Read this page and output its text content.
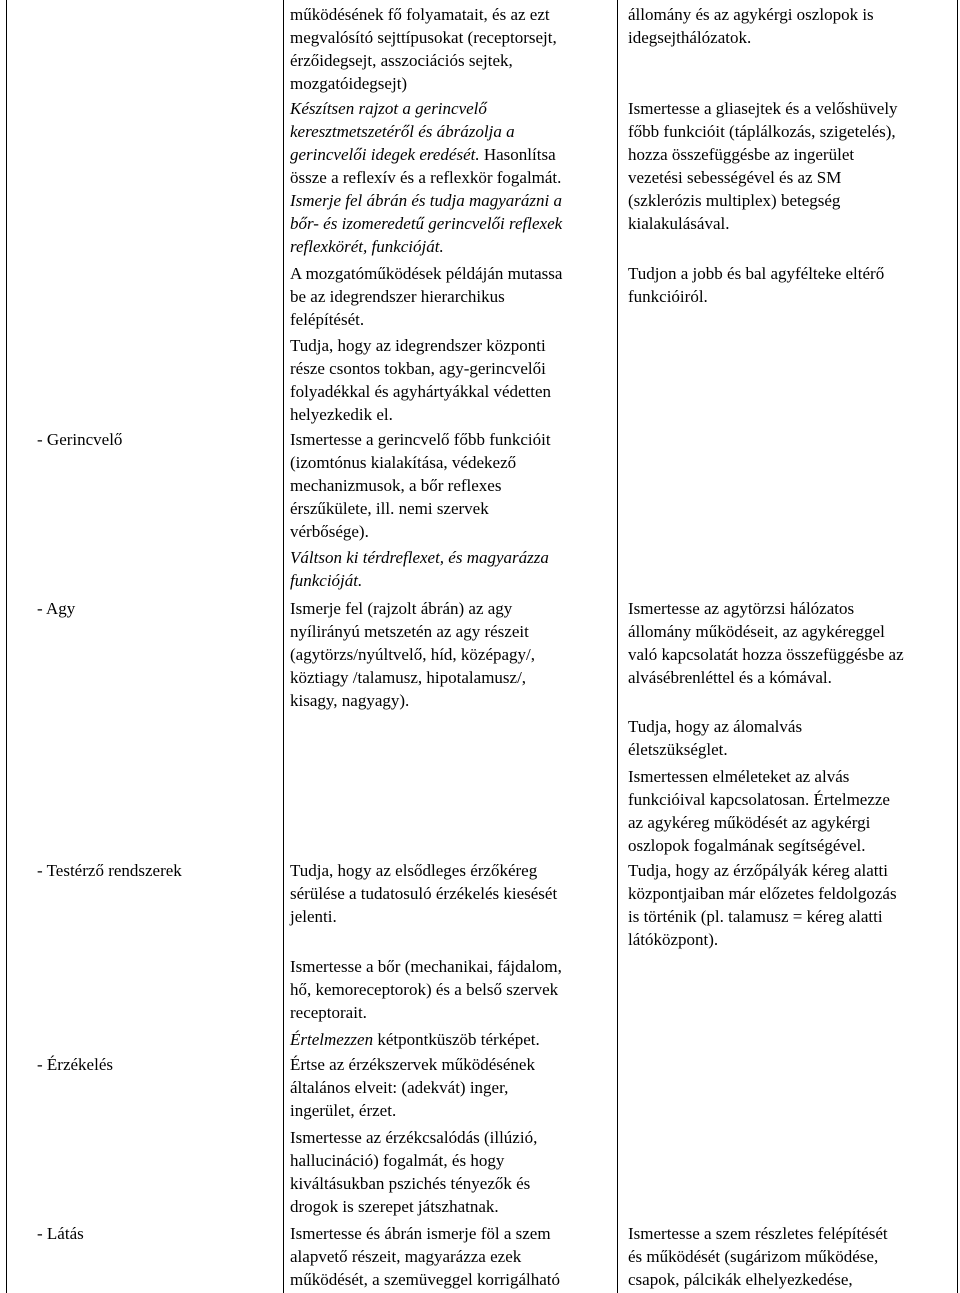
- Gerincvelő
- Agy
- Testérző rendszerek
- Érzékelés
- Látás
működésének fő folyamatait, és az ezt
megvalósító sejttípusokat (receptorsejt,
érzőidegsejt, asszociációs sejtek,
mozgatóidegsejt)
Készítsen rajzot a gerincvelő
keresztmetszetéről és ábrázolja a
gerincvelői idegek eredését. Hasonlítsa
össze a reflexív és a reflexkör fogalmát.
Ismerje fel ábrán és tudja magyarázni a
bőr- és izomeredetű gerincvelői reflexek
reflexkörét, funkcióját.
A mozgatóműködések példáján mutassa
be az idegrendszer hierarchikus
felépítését.
Tudja, hogy az idegrendszer központi
része csontos tokban, agy-gerincvelői
folyadékkal és agyhártyákkal védetten
helyezkedik el.
Ismertesse a gerincvelő főbb funkcióit
(izomtónus kialakítása, védekező
mechanizmusok, a bőr reflexes
érszűkülete, ill. nemi szervek
vérbősége).
Váltson ki térdreflexet, és magyarázza
funkcióját.
Ismerje fel (rajzolt ábrán) az agy
nyílirányú metszetén az agy részeit
(agytörzs/nyúltvelő, híd, középagy/,
köztiagy /talamusz, hipotalamusz/,
kisagy, nagyagy).
Tudja, hogy az elsődleges érzőkéreg
sérülése a tudatosuló érzékelés kiesését
jelenti.
Ismertesse a bőr (mechanikai, fájdalom,
hő, kemoreceptorok) és a belső szervek
receptorait.
Értelmezzen kétpontküszöb térképet.
Értse az érzékszervek működésének
általános elveit: (adekvát) inger,
ingerület, érzet.
Ismertesse az érzékcsalódás (illúzió,
hallucináció) fogalmát, és hogy
kiváltásukban pszichés tényezők és
drogok is szerepet játszhatnak.
Ismertesse és ábrán ismerje föl a szem
alapvető részeit, magyarázza ezek
működését, a szemüveggel korrigálható
állomány és az agykérgi oszlopok is
idegsejthálózatok.
Ismertesse a gliasejtek és a velőshüvely
főbb funkcióit (táplálkozás, szigetelés),
hozza összefüggésbe az ingerület
vezetési sebességével és az SM
(szklerózis multiplex) betegség
kialakulásával.
Tudjon a jobb és bal agyféltеke eltérő
funkcióiról.
Ismertesse az agytörzsi hálózatos
állomány működéseit, az agykéreggel
való kapcsolatát hozza összefüggésbe az
alvásébrenléttel és a kómával.
Tudja, hogy az álomalvás
életszükséglet.
Ismertessen elméleteket az alvás
funkcióival kapcsolatosan. Értelmezze
az agykéreg működését az agykérgi
oszlopok fogalmának segítségével.
Tudja, hogy az érzőpályák kéreg alatti
központjaiban már előzetes feldolgozás
is történik (pl. talamusz = kéreg alatti
látóközpont).
Ismertesse a szem részletes felépítését
és működését (sugárizom működése,
csapok, pálcikák elhelyezkedése,
